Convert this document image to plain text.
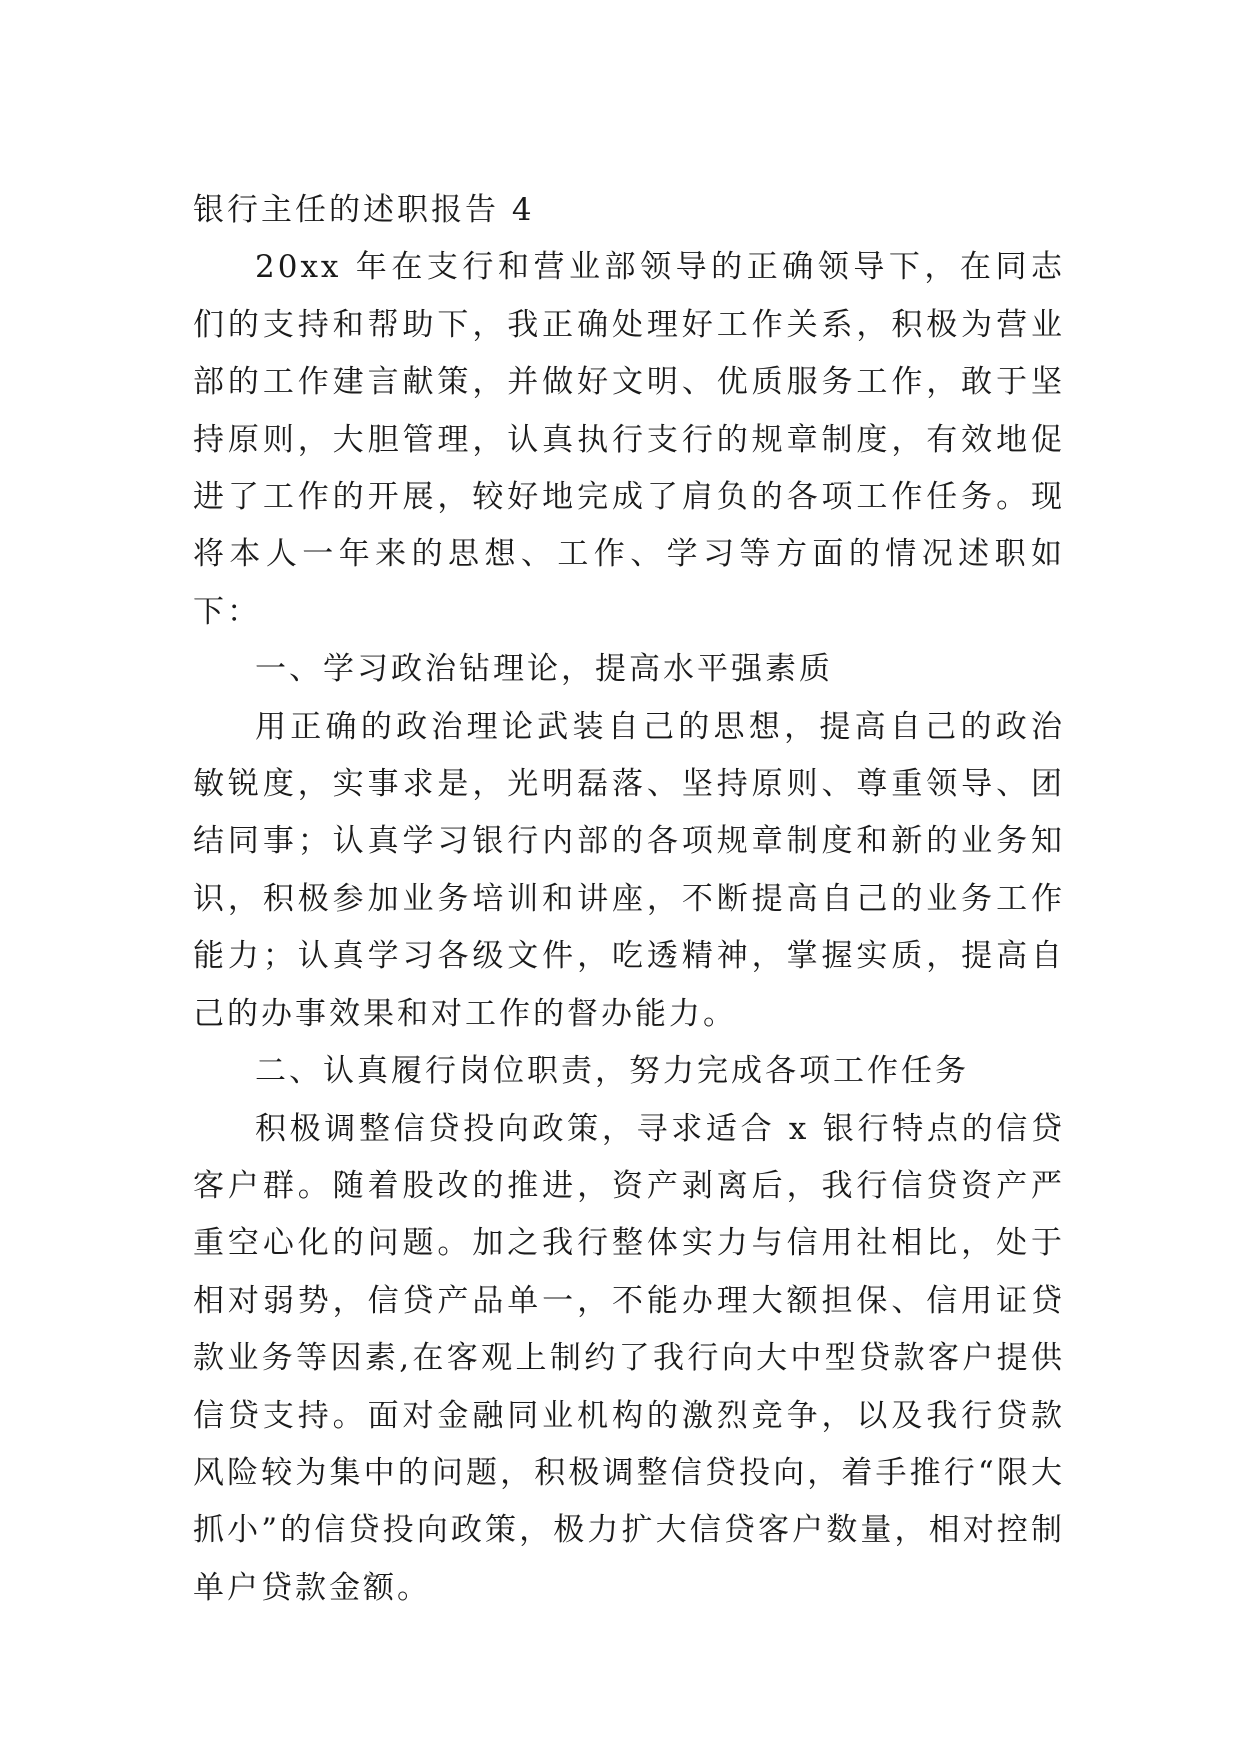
银行主任的述职报告 4

20xx 年在支行和营业部领导的正确领导下，在同志们的支持和帮助下，我正确处理好工作关系，积极为营业部的工作建言献策，并做好文明、优质服务工作，敢于坚持原则，大胆管理，认真执行支行的规章制度，有效地促进了工作的开展，较好地完成了肩负的各项工作任务。现将本人一年来的思想、工作、学习等方面的情况述职如下：

一、学习政治钻理论，提高水平强素质

用正确的政治理论武装自己的思想，提高自己的政治敏锐度，实事求是，光明磊落、坚持原则、尊重领导、团结同事；认真学习银行内部的各项规章制度和新的业务知识，积极参加业务培训和讲座，不断提高自己的业务工作能力；认真学习各级文件，吃透精神，掌握实质，提高自己的办事效果和对工作的督办能力。

二、认真履行岗位职责，努力完成各项工作任务

积极调整信贷投向政策，寻求适合 x 银行特点的信贷客户群。随着股改的推进，资产剥离后，我行信贷资产严重空心化的问题。加之我行整体实力与信用社相比，处于相对弱势，信贷产品单一，不能办理大额担保、信用证贷款业务等因素,在客观上制约了我行向大中型贷款客户提供信贷支持。面对金融同业机构的激烈竞争，以及我行贷款风险较为集中的问题，积极调整信贷投向，着手推行“限大抓小”的信贷投向政策，极力扩大信贷客户数量，相对控制单户贷款金额。
